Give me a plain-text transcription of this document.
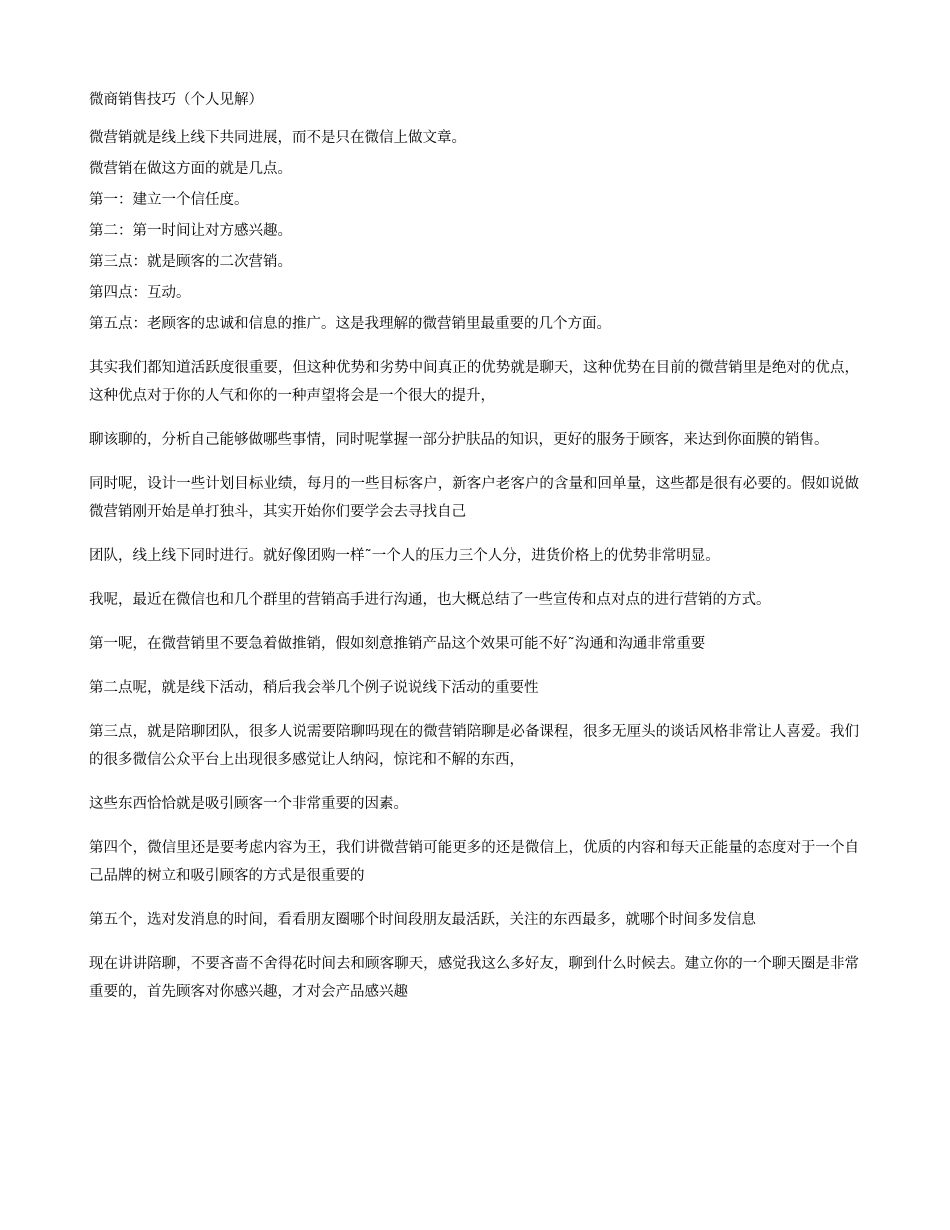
微商销售技巧（个人见解）

微营销就是线上线下共同进展，而不是只在微信上做文章。

微营销在做这方面的就是几点。

第一：建立一个信任度。

第二：第一时间让对方感兴趣。

第三点：就是顾客的二次营销。

第四点：互动。

第五点：老顾客的忠诚和信息的推广。这是我理解的微营销里最重要的几个方面。

其实我们都知道活跃度很重要，但这种优势和劣势中间真正的优势就是聊天，这种优势在目前的微营销里是绝对的优点，这种优点对于你的人气和你的一种声望将会是一个很大的提升，

聊该聊的，分析自己能够做哪些事情，同时呢掌握一部分护肤品的知识，更好的服务于顾客，来达到你面膜的销售。

同时呢，设计一些计划目标业绩，每月的一些目标客户，新客户老客户的含量和回单量，这些都是很有必要的。假如说做微营销刚开始是单打独斗，其实开始你们要学会去寻找自己

团队，线上线下同时进行。就好像团购一样˜一个人的压力三个人分，进货价格上的优势非常明显。

我呢，最近在微信也和几个群里的营销高手进行沟通，也大概总结了一些宣传和点对点的进行营销的方式。

第一呢，在微营销里不要急着做推销，假如刻意推销产品这个效果可能不好˜沟通和沟通非常重要

第二点呢，就是线下活动，稍后我会举几个例子说说线下活动的重要性

第三点，就是陪聊团队，很多人说需要陪聊吗现在的微营销陪聊是必备课程，很多无厘头的谈话风格非常让人喜爱。我们的很多微信公众平台上出现很多感觉让人纳闷，惊诧和不解的东西，

这些东西恰恰就是吸引顾客一个非常重要的因素。

第四个，微信里还是要考虑内容为王，我们讲微营销可能更多的还是微信上，优质的内容和每天正能量的态度对于一个自己品牌的树立和吸引顾客的方式是很重要的

第五个，选对发消息的时间，看看朋友圈哪个时间段朋友最活跃，关注的东西最多，就哪个时间多发信息

现在讲讲陪聊，不要吝啬不舍得花时间去和顾客聊天，感觉我这么多好友，聊到什么时候去。建立你的一个聊天圈是非常重要的，首先顾客对你感兴趣，才对会产品感兴趣
